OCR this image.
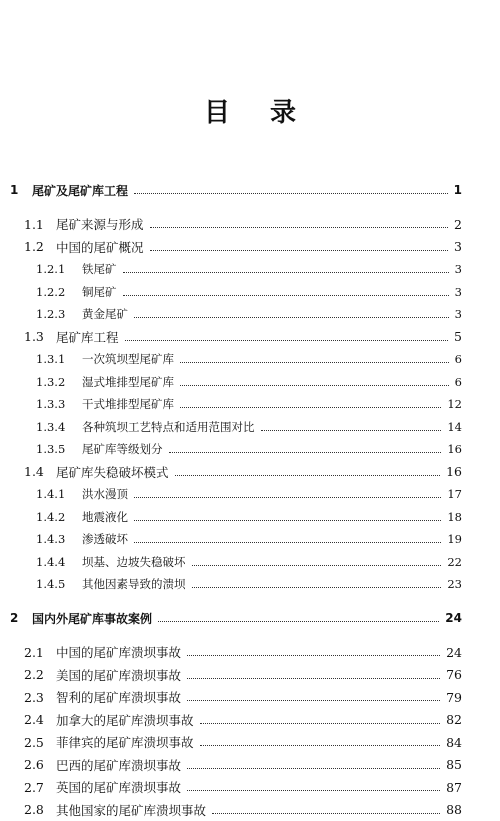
目录
1	尾矿及尾矿库工程	1
1.1 尾矿来源与形成	2
1.2 中国的尾矿概况	3
1.2.1	铁尾矿	3
1.2.2	铜尾矿	3
1.2.3	黄金尾矿	3
1.3 尾矿库工程	5
1.3.1	一次筑坝型尾矿库	6
1.3.2	湿式堆排型尾矿库	6
1.3.3	干式堆排型尾矿库	12
1.3.4	各种筑坝工艺特点和适用范围对比	14
1.3.5	尾矿库等级划分	16
1.4 尾矿库失稳破坏模式	16
1.4.1	洪水漫顶	17
1.4.2	地震液化	18
1.4.3	渗透破坏	19
1.4.4	坝基、边坡失稳破坏	22
1.4.5	其他因素导致的溃坝	23
2	国内外尾矿库事故案例	24
2.1 中国的尾矿库溃坝事故	24
2.2 美国的尾矿库溃坝事故	76
2.3 智利的尾矿库溃坝事故	79
2.4 加拿大的尾矿库溃坝事故	82
2.5 菲律宾的尾矿库溃坝事故	84
2.6 巴西的尾矿库溃坝事故	85
2.7 英国的尾矿库溃坝事故	87
2.8 其他国家的尾矿库溃坝事故	88
